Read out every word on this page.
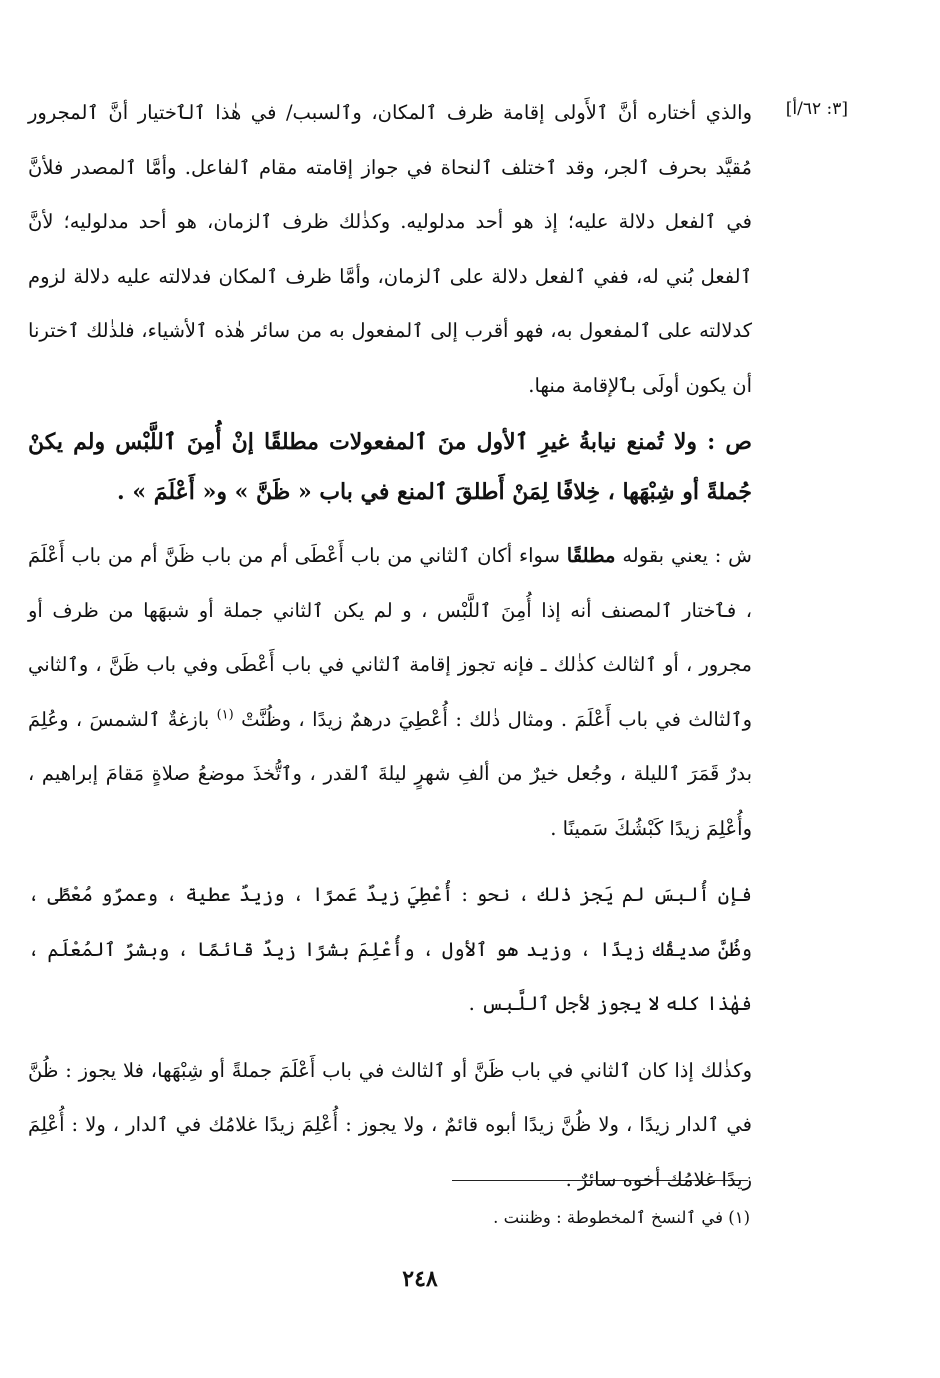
[٣: ٦٢/أ]

والذي أختاره أنَّ ٱلأَولى إقامة ظرف ٱلمكان، وٱلسبب/ في هٰذا ٱلٱختيار أنَّ ٱلمجرور مُقيَّد بحرف ٱلجر، وقد ٱختلف ٱلنحاة في جواز إقامته مقام ٱلفاعل. وأمَّا ٱلمصدر فلأنَّ في ٱلفعل دلالة عليه؛ إذ هو أحد مدلوليه. وكذٰلك ظرف ٱلزمان، هو أحد مدلوليه؛ لأنَّ ٱلفعل بُني له، ففي ٱلفعل دلالة على ٱلزمان، وأمَّا ظرف ٱلمكان فدلالته عليه دلالة لزوم كدلالته على ٱلمفعول به، فهو أقرب إلى ٱلمفعول به من سائر هٰذه ٱلأشياء، فلذٰلك ٱخترنا أن يكون أولَى بٱلإقامة منها.

ص : ولا تُمنع نيابةُ غيرِ ٱلأول منَ ٱلمفعولات مطلقًا إنْ أُمِنَ ٱللَّبْس ولم يكنْ جُملةً أو شِبْهَها ، خِلافًا لِمَنْ أَطلقَ ٱلمنع في باب « ظَنَّ » و« أَعْلَمَ » .

ش : يعني بقوله مطلقًا سواء أكان ٱلثاني من باب أَعْطَى أم من باب ظَنَّ أم من باب أَعْلَمَ ، فٱختار ٱلمصنف أنه إذا أُمِنَ ٱللَّبْس ، و لم يكن ٱلثاني جملة أو شبهَها من ظرف أو مجرور ، أو ٱلثالث كذٰلك ـ فإنه تجوز إقامة ٱلثاني في باب أَعْطَى وفي باب ظَنَّ ، وٱلثاني وٱلثالث في باب أَعْلَمَ . ومثال ذٰلك : أُعْطِيَ درهمٌ زيدًا ، وظُنَّتْ $^{(١)}$ بازغةٌ ٱلشمسَ ، وعُلِمَ بدرٌ قَمَرَ ٱلليلة ، وجُعل خيرٌ من ألفِ شهرٍ ليلةَ ٱلقدر ، وٱتُّخذَ موضعُ صلاةٍ مَقامَ إبراهيم ، وأُعْلِمَ زيدًا كَبْشُكَ سَمينًا .

فإن أُلبسَ لم يَجز ذٰلك ، نحو : أُعْطِيَ زيدٌ عَمرًا ، وزيدٌ عطية ، وعمرٌو مُعْطًى ، وظُنَّ صديقُك زيدًا ، وزيد هو ٱلأول ، وأُعْلِمَ بشرًا زيدٌ قائمًا ، وبشرٌ ٱلمُعْلَم ، فهٰذا كله لا يجوز لأجل ٱللَّبس .

وكذٰلك إذا كان ٱلثاني في باب ظَنَّ أو ٱلثالث في باب أَعْلَمَ جملةً أو شِبْهَها، فلا يجوز : ظُنَّ في ٱلدار زيدًا ، ولا ظُنَّ زيدًا أبوه قائمٌ ، ولا يجوز : أُعْلِمَ زيدًا غلامُك في ٱلدار ، ولا : أُعْلِمَ زيدًا غلامُك أخوه سائرٌ .

(١) في ٱلنسخ ٱلمخطوطة : وظننت .
٢٤٨
